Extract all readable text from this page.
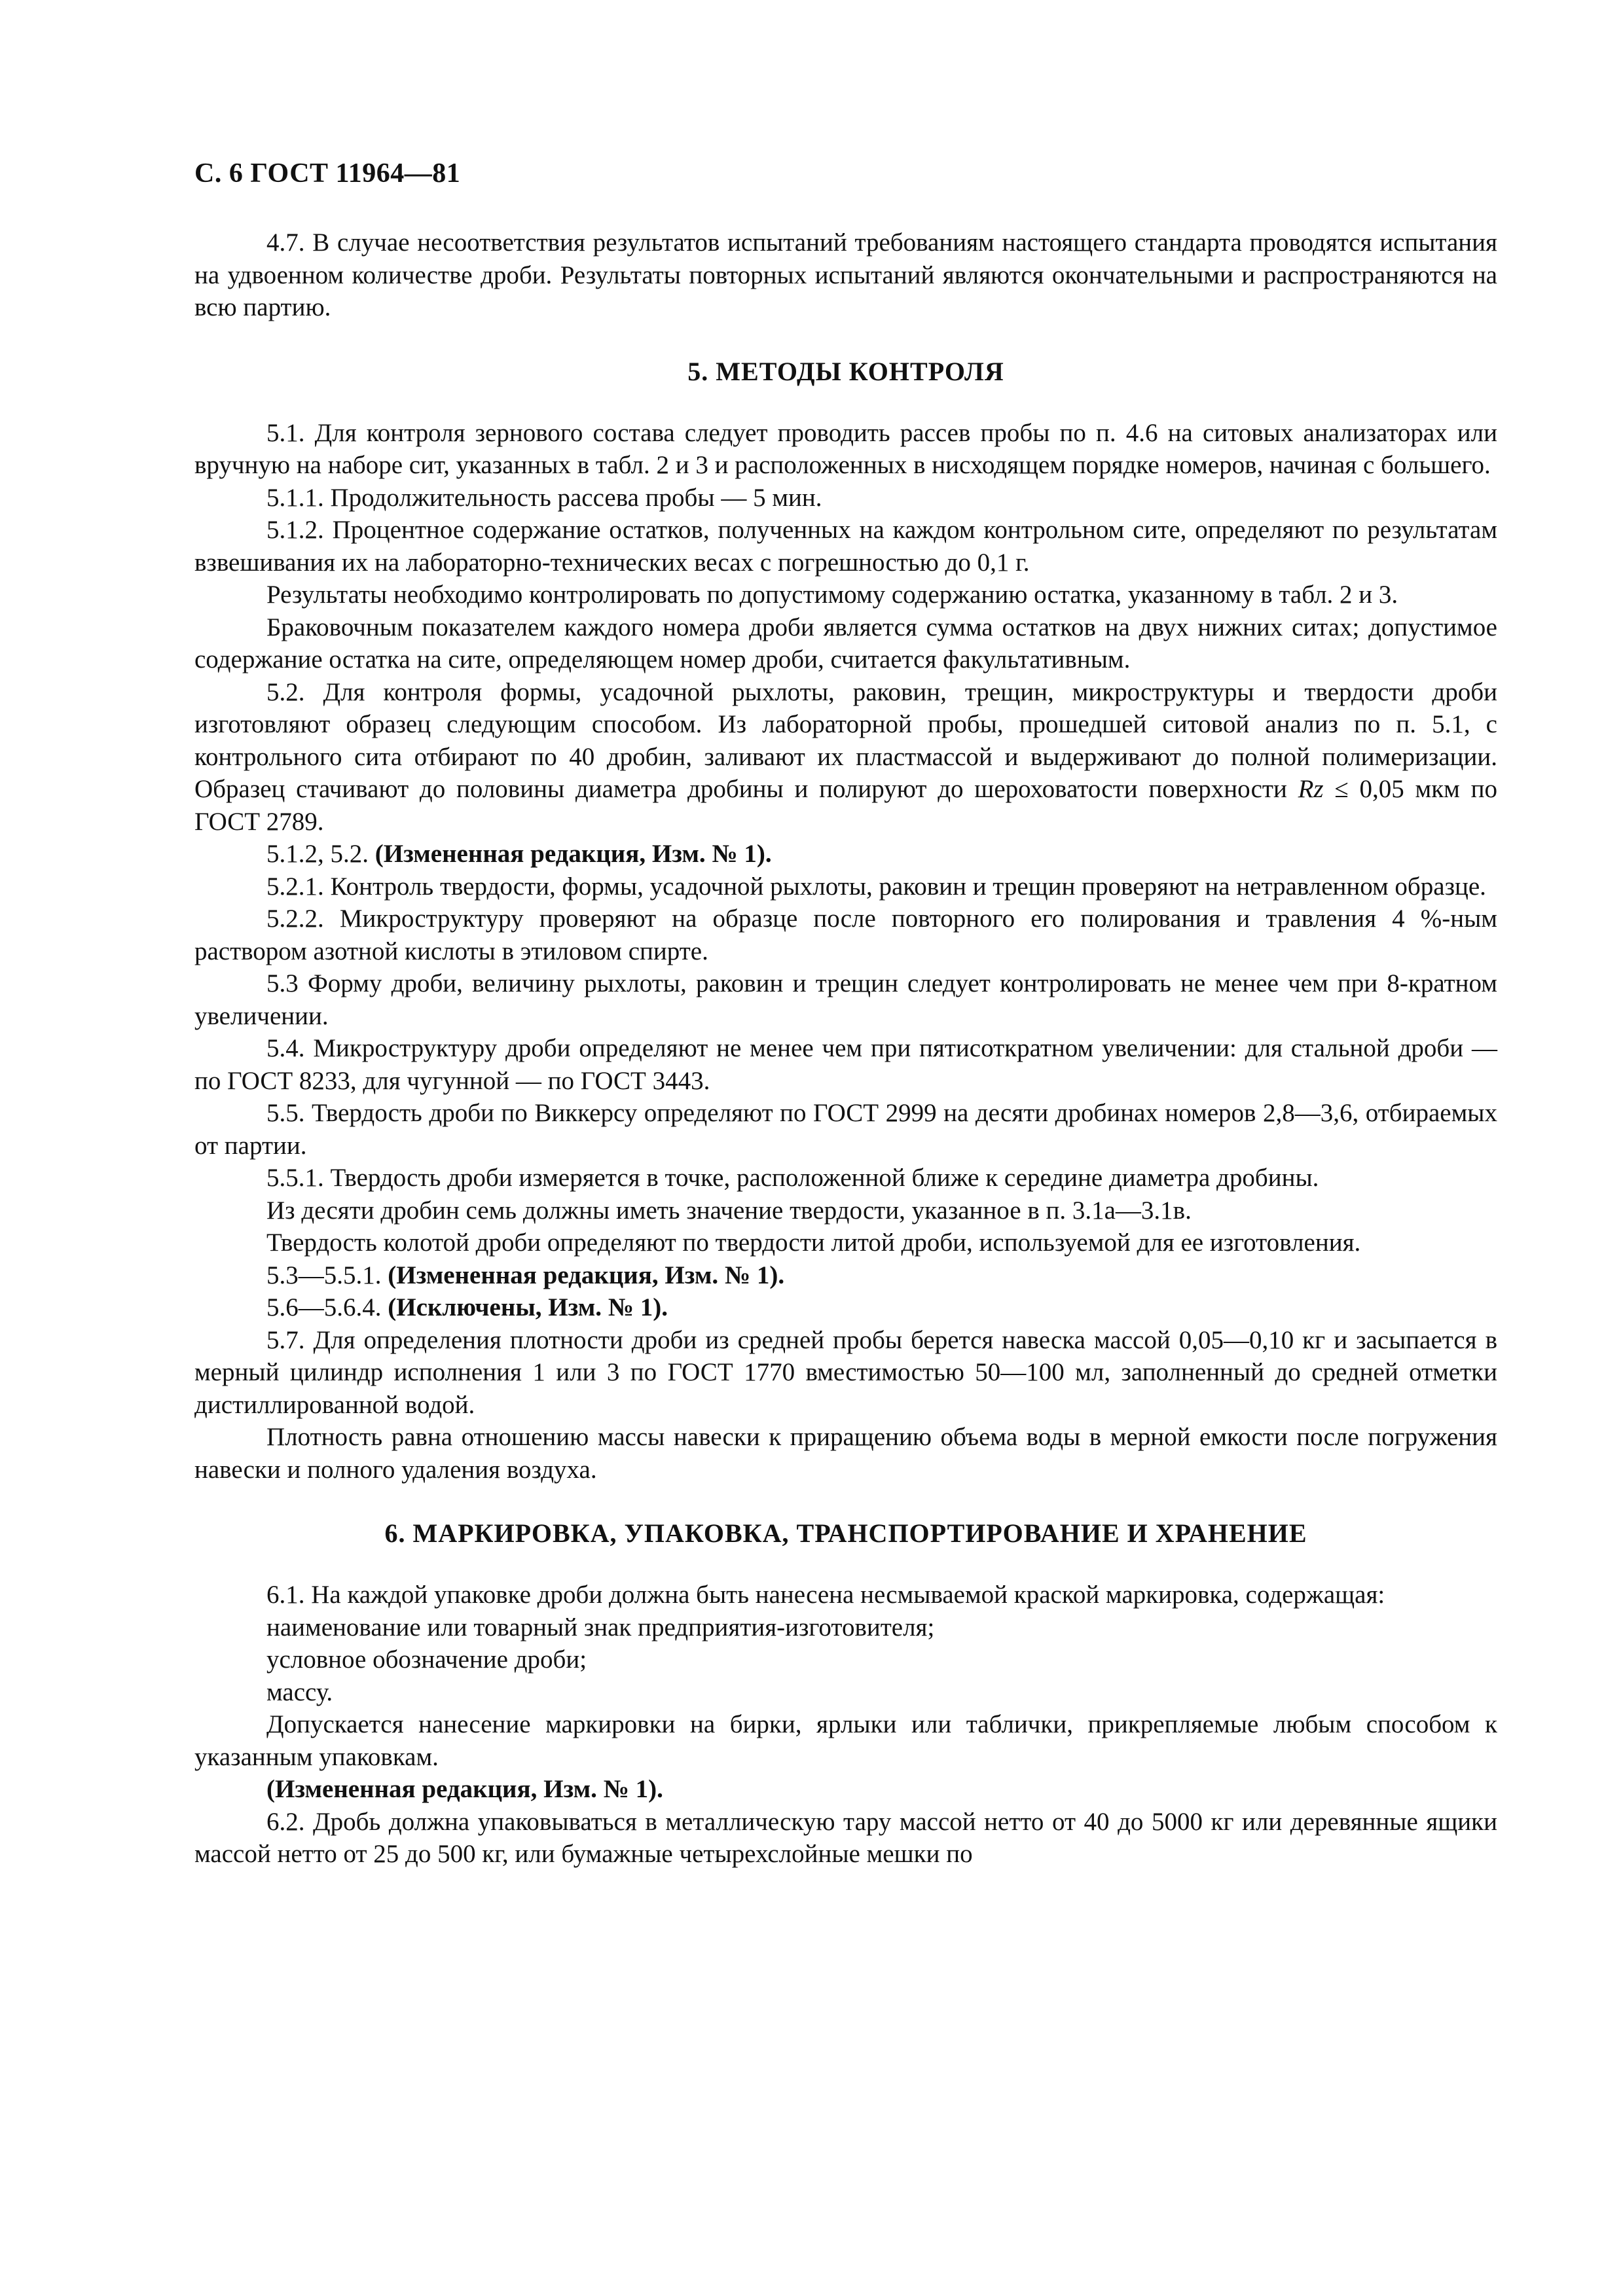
С. 6 ГОСТ 11964—81

4.7. В случае несоответствия результатов испытаний требованиям настоящего стандарта проводятся испытания на удвоенном количестве дроби. Результаты повторных испытаний являются окончательными и распространяются на всю партию.

5. МЕТОДЫ КОНТРОЛЯ

5.1. Для контроля зернового состава следует проводить рассев пробы по п. 4.6 на ситовых анализаторах или вручную на наборе сит, указанных в табл. 2 и 3 и расположенных в нисходящем порядке номеров, начиная с большего.

5.1.1. Продолжительность рассева пробы — 5 мин.

5.1.2. Процентное содержание остатков, полученных на каждом контрольном сите, определяют по результатам взвешивания их на лабораторно-технических весах с погрешностью до 0,1 г.

Результаты необходимо контролировать по допустимому содержанию остатка, указанному в табл. 2 и 3.

Браковочным показателем каждого номера дроби является сумма остатков на двух нижних ситах; допустимое содержание остатка на сите, определяющем номер дроби, считается факультативным.

5.2. Для контроля формы, усадочной рыхлоты, раковин, трещин, микроструктуры и твердости дроби изготовляют образец следующим способом. Из лабораторной пробы, прошедшей ситовой анализ по п. 5.1, с контрольного сита отбирают по 40 дробин, заливают их пластмассой и выдерживают до полной полимеризации. Образец стачивают до половины диаметра дробины и полируют до шероховатости поверхности Rz ≤ 0,05 мкм по ГОСТ 2789.

5.1.2, 5.2. (Измененная редакция, Изм. № 1).

5.2.1. Контроль твердости, формы, усадочной рыхлоты, раковин и трещин проверяют на нетравленном образце.

5.2.2. Микроструктуру проверяют на образце после повторного его полирования и травления 4 %-ным раствором азотной кислоты в этиловом спирте.

5.3 Форму дроби, величину рыхлоты, раковин и трещин следует контролировать не менее чем при 8-кратном увеличении.

5.4. Микроструктуру дроби определяют не менее чем при пятисоткратном увеличении: для стальной дроби — по ГОСТ 8233, для чугунной — по ГОСТ 3443.

5.5. Твердость дроби по Виккерсу определяют по ГОСТ 2999 на десяти дробинах номеров 2,8—3,6, отбираемых от партии.

5.5.1. Твердость дроби измеряется в точке, расположенной ближе к середине диаметра дробины.

Из десяти дробин семь должны иметь значение твердости, указанное в п. 3.1а—3.1в.

Твердость колотой дроби определяют по твердости литой дроби, используемой для ее изготовления.

5.3—5.5.1. (Измененная редакция, Изм. № 1).

5.6—5.6.4. (Исключены, Изм. № 1).

5.7. Для определения плотности дроби из средней пробы берется навеска массой 0,05—0,10 кг и засыпается в мерный цилиндр исполнения 1 или 3 по ГОСТ 1770 вместимостью 50—100 мл, заполненный до средней отметки дистиллированной водой.

Плотность равна отношению массы навески к приращению объема воды в мерной емкости после погружения навески и полного удаления воздуха.

6. МАРКИРОВКА, УПАКОВКА, ТРАНСПОРТИРОВАНИЕ И ХРАНЕНИЕ

6.1. На каждой упаковке дроби должна быть нанесена несмываемой краской маркировка, содержащая:

наименование или товарный знак предприятия-изготовителя;

условное обозначение дроби;

массу.

Допускается нанесение маркировки на бирки, ярлыки или таблички, прикрепляемые любым способом к указанным упаковкам.

(Измененная редакция, Изм. № 1).

6.2. Дробь должна упаковываться в металлическую тару массой нетто от 40 до 5000 кг или деревянные ящики массой нетто от 25 до 500 кг, или бумажные четырехслойные мешки по
